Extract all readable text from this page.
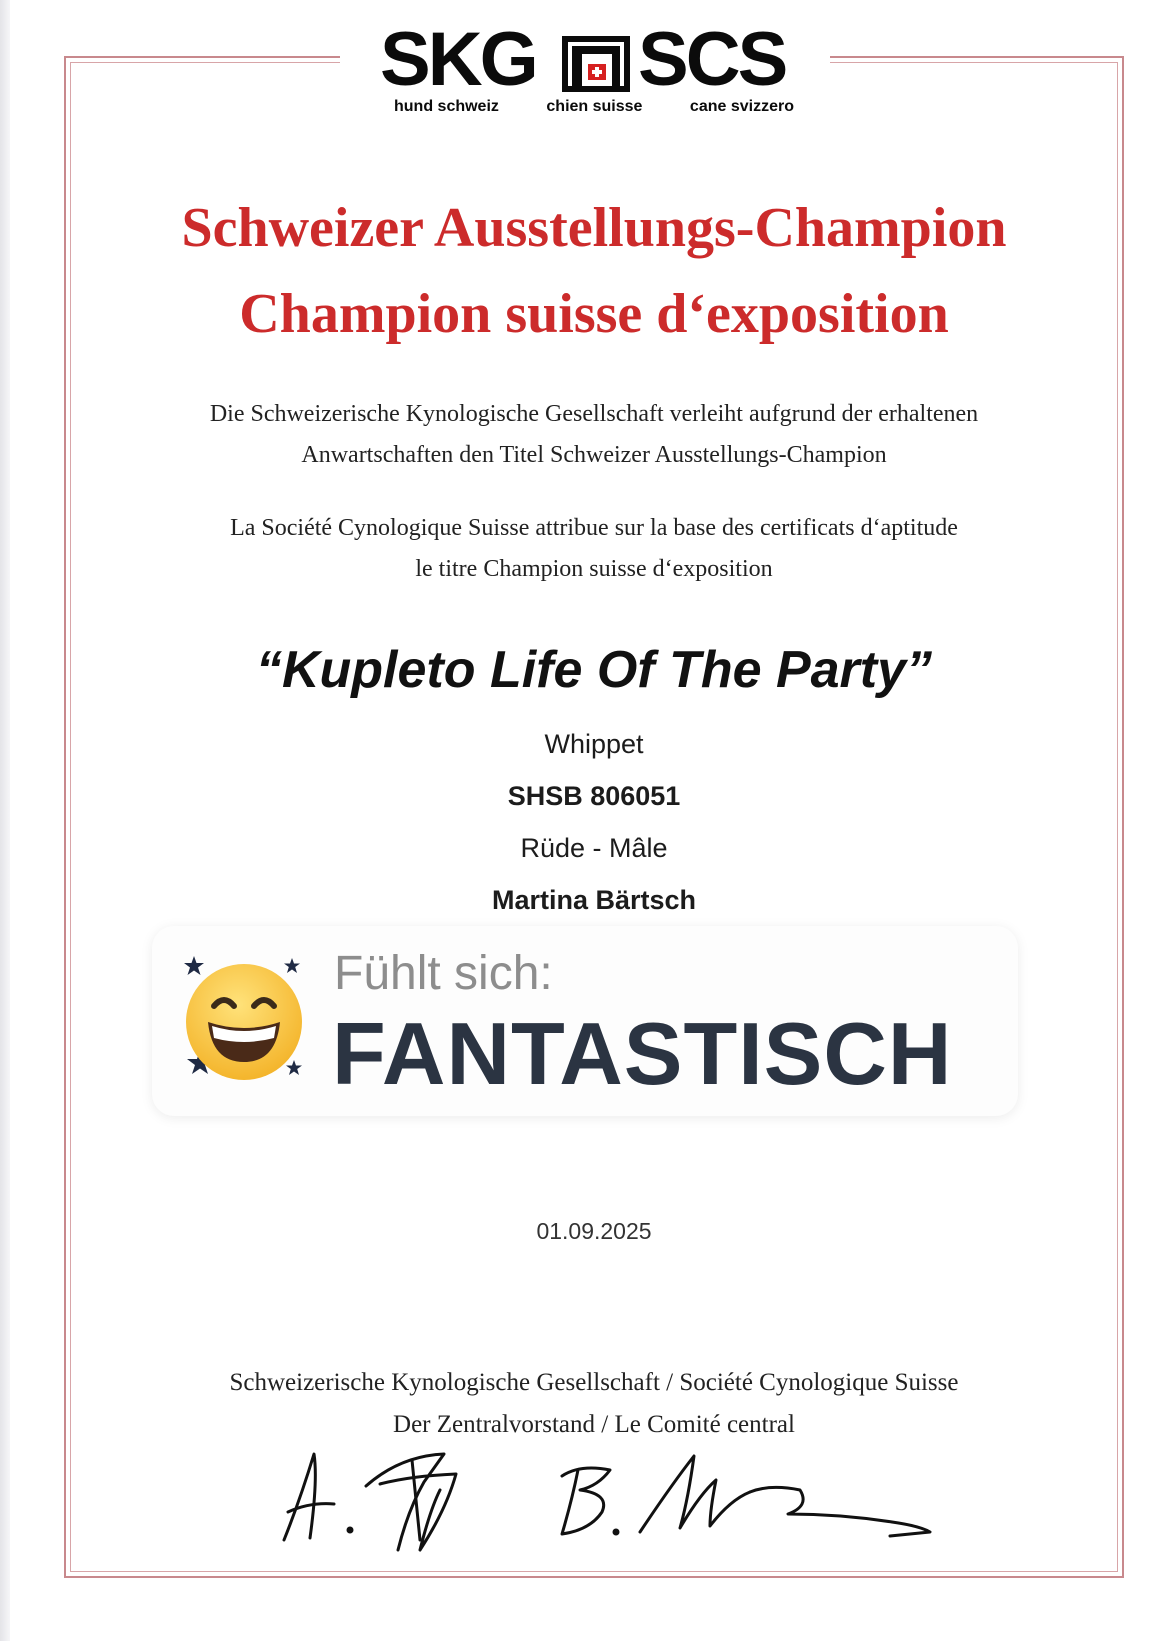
SKG SCS
hund schweiz	chien suisse	cane svizzero
Schweizer Ausstellungs-Champion
Champion suisse d‘exposition
Die Schweizerische Kynologische Gesellschaft verleiht aufgrund der erhaltenen
Anwartschaften den Titel Schweizer Ausstellungs-Champion
La Société Cynologique Suisse attribue sur la base des certificats d‘aptitude
le titre Champion suisse d‘exposition
“Kupleto Life Of The Party”
Whippet
SHSB 806051
Rüde - Mâle
Martina Bärtsch
Fühlt sich:
FANTASTISCH
01.09.2025
Schweizerische Kynologische Gesellschaft / Société Cynologique Suisse
Der Zentralvorstand / Le Comité central
